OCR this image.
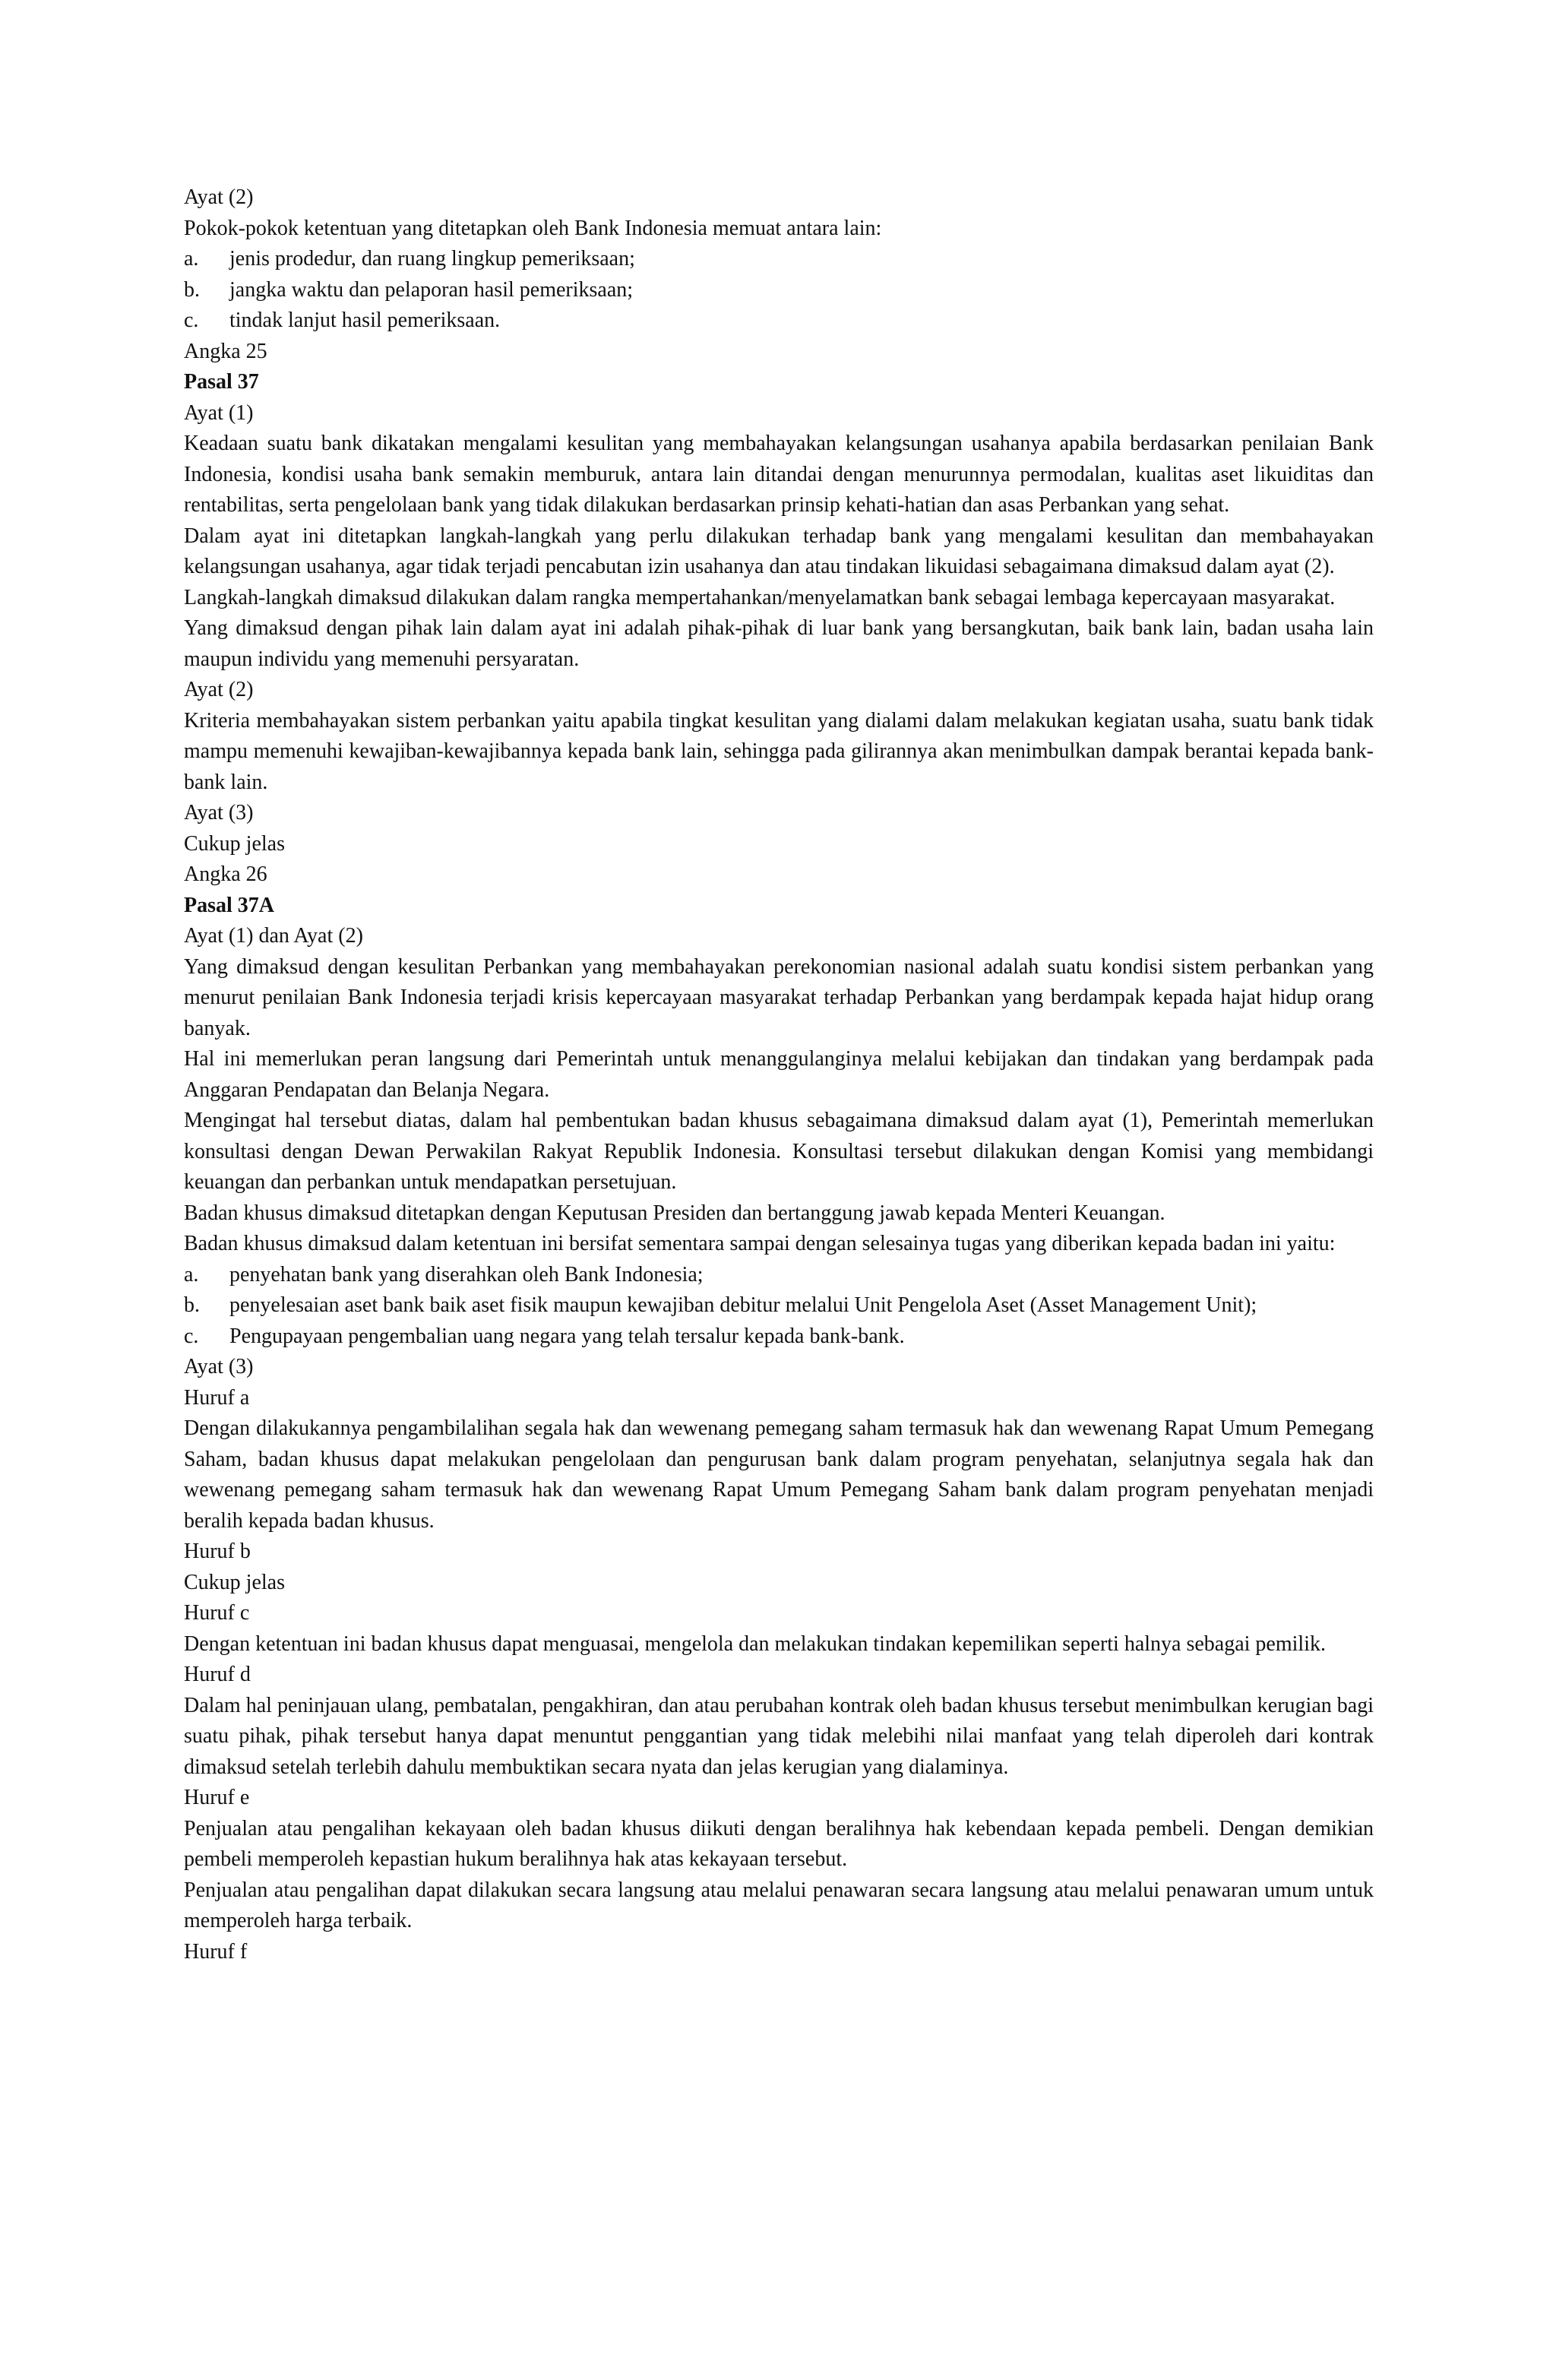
Ayat (2)
Pokok-pokok ketentuan yang ditetapkan oleh Bank Indonesia memuat antara lain:
a.	jenis prodedur, dan ruang lingkup pemeriksaan;
b.	jangka waktu dan pelaporan hasil pemeriksaan;
c.	tindak lanjut hasil pemeriksaan.
Angka 25
Pasal 37
Ayat (1)
Keadaan suatu bank dikatakan mengalami kesulitan yang membahayakan kelangsungan usahanya apabila berdasarkan penilaian Bank Indonesia, kondisi usaha bank semakin memburuk, antara lain ditandai dengan menurunnya permodalan, kualitas aset likuiditas dan rentabilitas, serta pengelolaan bank yang tidak dilakukan berdasarkan prinsip kehati-hatian dan asas Perbankan yang sehat.
Dalam ayat ini ditetapkan langkah-langkah yang perlu dilakukan terhadap bank yang mengalami kesulitan dan membahayakan kelangsungan usahanya, agar tidak terjadi pencabutan izin usahanya dan atau tindakan likuidasi sebagaimana dimaksud dalam ayat (2).
Langkah-langkah dimaksud dilakukan dalam rangka mempertahankan/menyelamatkan bank sebagai lembaga kepercayaan masyarakat.
Yang dimaksud dengan pihak lain dalam ayat ini adalah pihak-pihak di luar bank yang bersangkutan, baik bank lain, badan usaha lain maupun individu yang memenuhi persyaratan.
Ayat (2)
Kriteria membahayakan sistem perbankan yaitu apabila tingkat kesulitan yang dialami dalam melakukan kegiatan usaha, suatu bank tidak mampu memenuhi kewajiban-kewajibannya kepada bank lain, sehingga pada gilirannya akan menimbulkan dampak berantai kepada bank-bank lain.
Ayat (3)
Cukup jelas
Angka 26
Pasal 37A
Ayat (1) dan Ayat (2)
Yang dimaksud dengan kesulitan Perbankan yang membahayakan perekonomian nasional adalah suatu kondisi sistem perbankan yang menurut penilaian Bank Indonesia terjadi krisis kepercayaan masyarakat terhadap Perbankan yang berdampak kepada hajat hidup orang banyak.
Hal ini memerlukan peran langsung dari Pemerintah untuk menanggulanginya melalui kebijakan dan tindakan yang berdampak pada Anggaran Pendapatan dan Belanja Negara.
Mengingat hal tersebut diatas, dalam hal pembentukan badan khusus sebagaimana dimaksud dalam ayat (1), Pemerintah memerlukan konsultasi dengan Dewan Perwakilan Rakyat Republik Indonesia. Konsultasi tersebut dilakukan dengan Komisi yang membidangi keuangan dan perbankan untuk mendapatkan persetujuan.
Badan khusus dimaksud ditetapkan dengan Keputusan Presiden dan bertanggung jawab kepada Menteri Keuangan.
Badan khusus dimaksud dalam ketentuan ini bersifat sementara sampai dengan selesainya tugas yang diberikan kepada badan ini yaitu:
a.	penyehatan bank yang diserahkan oleh Bank Indonesia;
b.	penyelesaian aset bank baik aset fisik maupun kewajiban debitur melalui Unit Pengelola Aset (Asset Management Unit);
c.	Pengupayaan pengembalian uang negara yang telah tersalur kepada bank-bank.
Ayat (3)
Huruf a
Dengan dilakukannya pengambilalihan segala hak dan wewenang pemegang saham termasuk hak dan wewenang Rapat Umum Pemegang Saham, badan khusus dapat melakukan pengelolaan dan pengurusan bank dalam program penyehatan, selanjutnya segala hak dan wewenang pemegang saham termasuk hak dan wewenang Rapat Umum Pemegang Saham bank dalam program penyehatan menjadi beralih kepada badan khusus.
Huruf b
Cukup jelas
Huruf c
Dengan ketentuan ini badan khusus dapat menguasai, mengelola dan melakukan tindakan kepemilikan seperti halnya sebagai pemilik.
Huruf d
Dalam hal peninjauan ulang, pembatalan, pengakhiran, dan atau perubahan kontrak oleh badan khusus tersebut menimbulkan kerugian bagi suatu pihak, pihak tersebut hanya dapat menuntut penggantian yang tidak melebihi nilai manfaat yang telah diperoleh dari kontrak dimaksud setelah terlebih dahulu membuktikan secara nyata dan jelas kerugian yang dialaminya.
Huruf e
Penjualan atau pengalihan kekayaan oleh badan khusus diikuti dengan beralihnya hak kebendaan kepada pembeli. Dengan demikian pembeli memperoleh kepastian hukum beralihnya hak atas kekayaan tersebut.
Penjualan atau pengalihan dapat dilakukan secara langsung atau melalui penawaran secara langsung atau melalui penawaran umum untuk memperoleh harga terbaik.
Huruf f
